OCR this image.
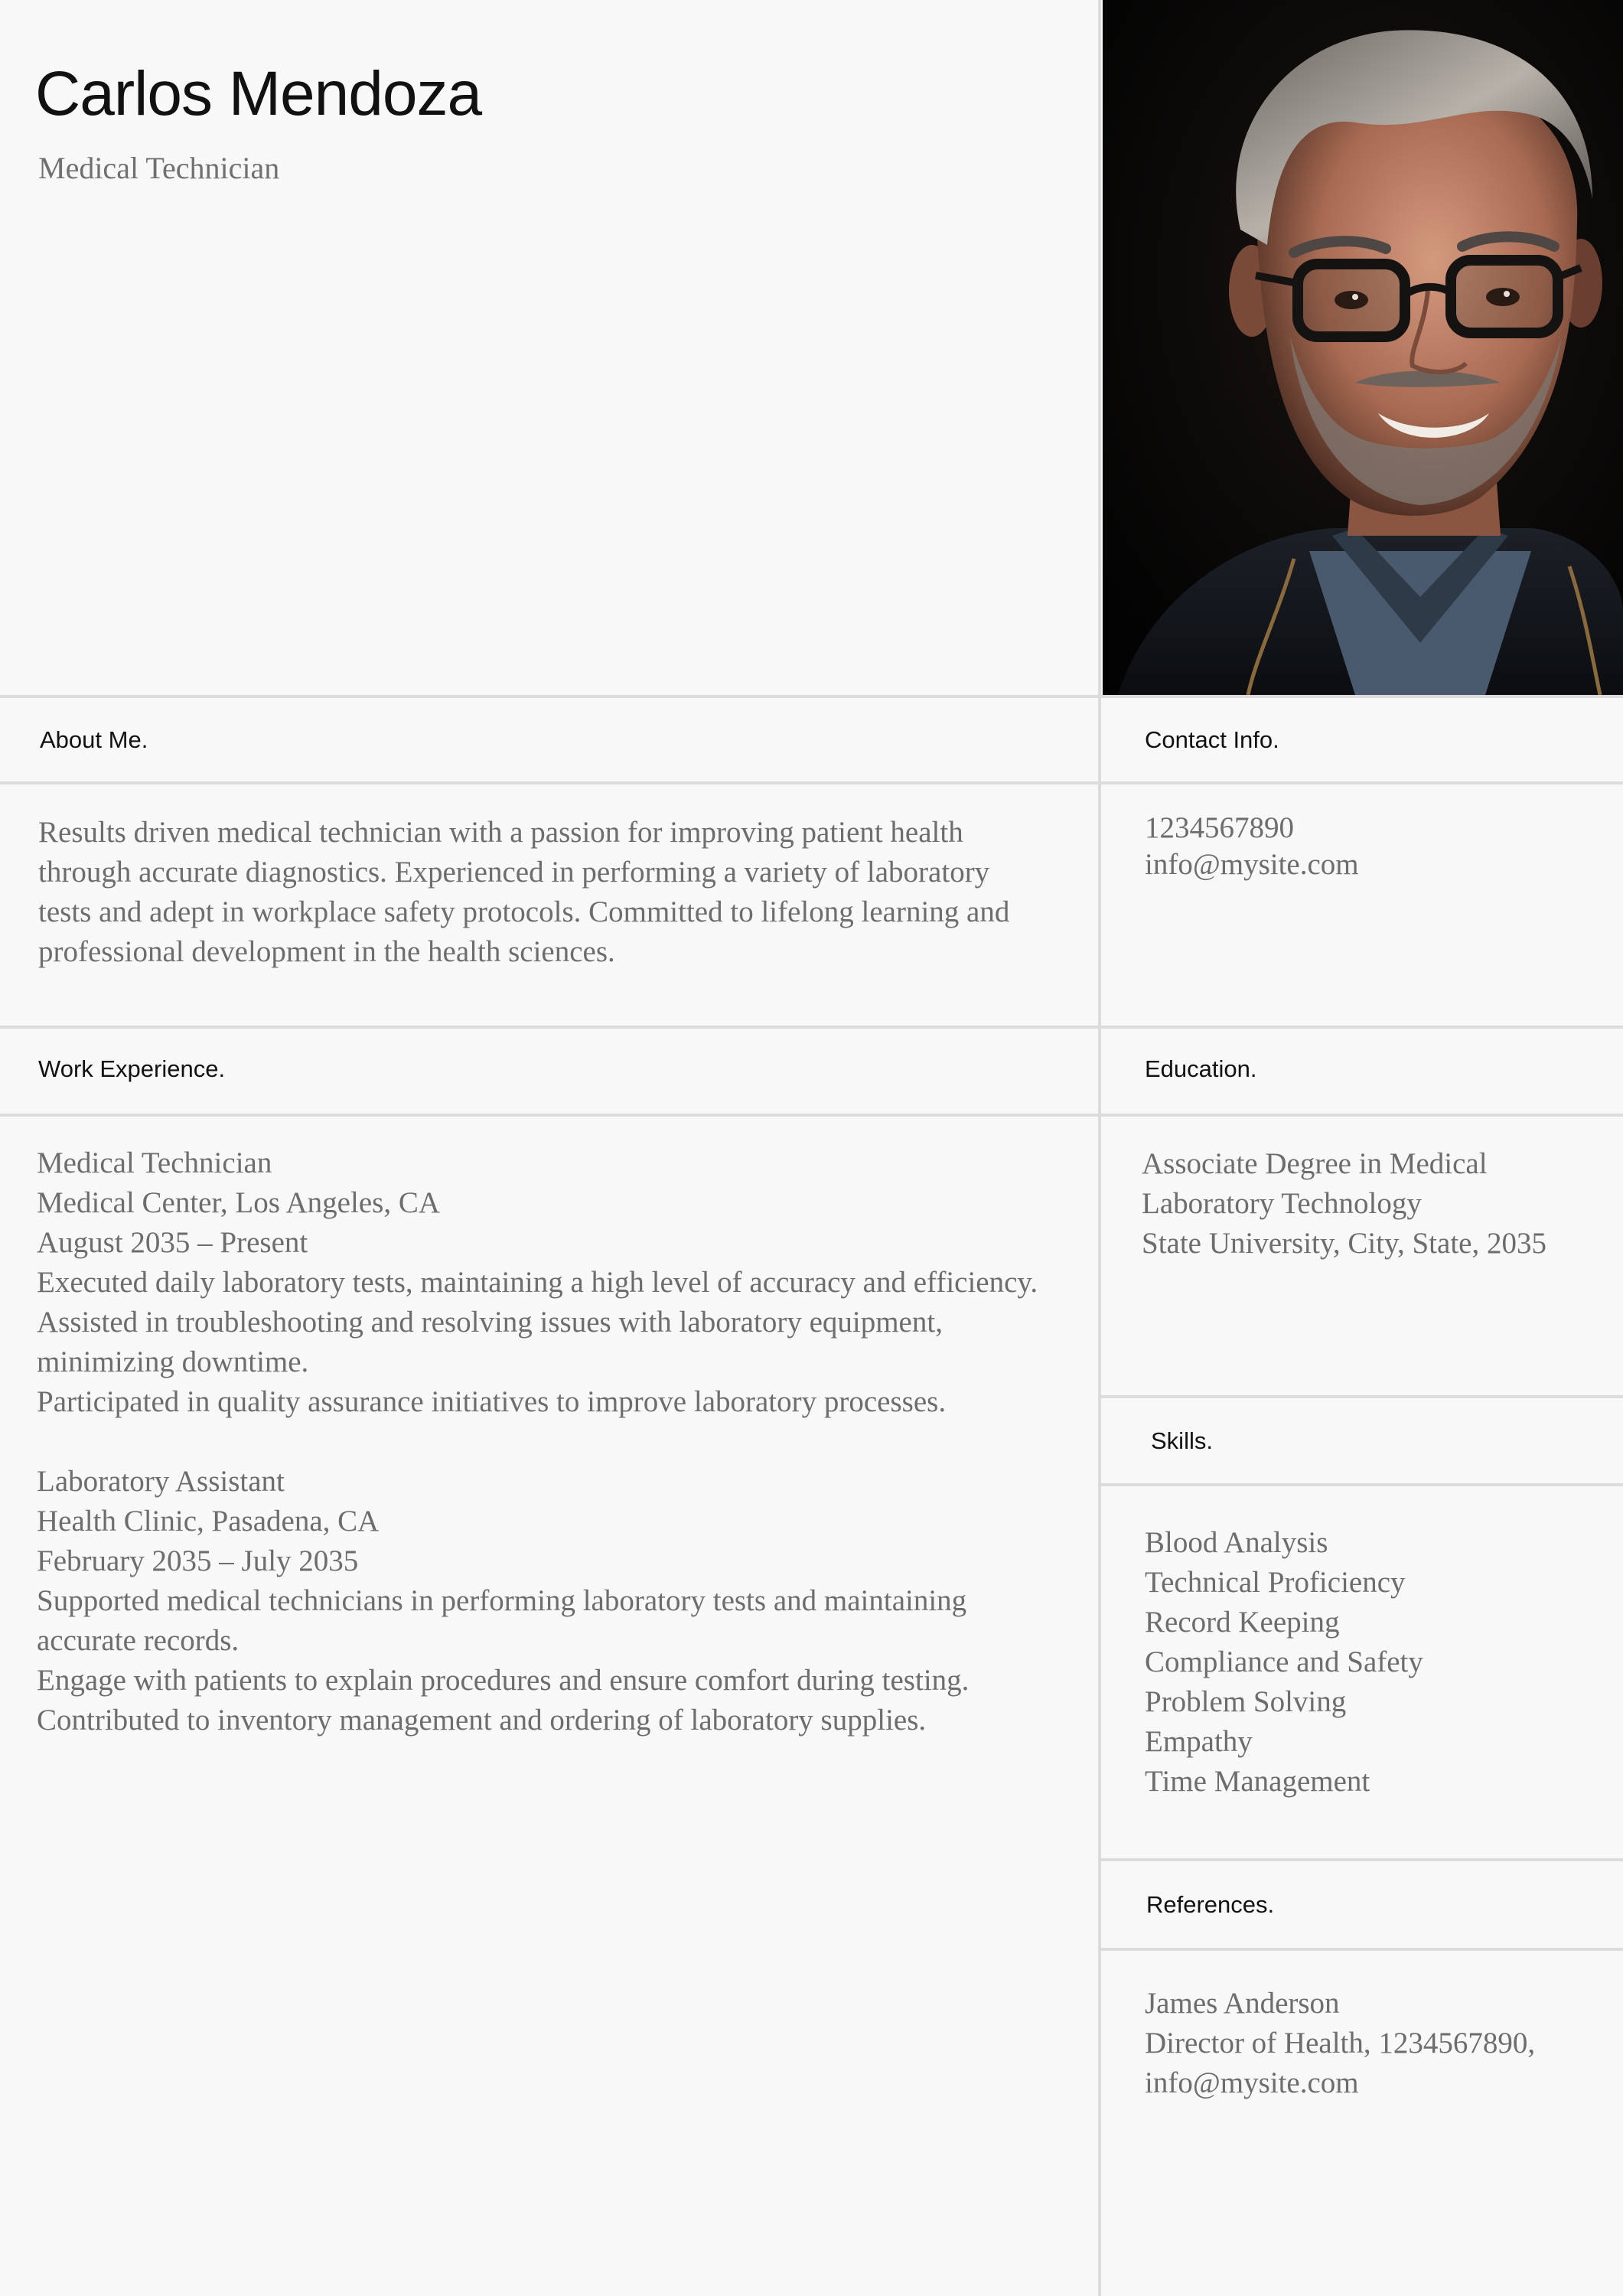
Carlos Mendoza
Medical Technician
About Me.
Results driven medical technician with a passion for improving patient health
through accurate diagnostics. Experienced in performing a variety of laboratory
tests and adept in workplace safety protocols. Committed to lifelong learning and
professional development in the health sciences.
Contact Info.
1234567890
info@mysite.com
Work Experience.
Medical Technician
Medical Center, Los Angeles, CA
August 2035 – Present
Executed daily laboratory tests, maintaining a high level of accuracy and efficiency.
Assisted in troubleshooting and resolving issues with laboratory equipment,
minimizing downtime.
Participated in quality assurance initiatives to improve laboratory processes.
Laboratory Assistant
Health Clinic, Pasadena, CA
February 2035 – July 2035
Supported medical technicians in performing laboratory tests and maintaining
accurate records.
Engage with patients to explain procedures and ensure comfort during testing.
Contributed to inventory management and ordering of laboratory supplies.
Education.
Associate Degree in Medical
Laboratory Technology
State University, City, State, 2035
Skills.
Blood Analysis
Technical Proficiency
Record Keeping
Compliance and Safety
Problem Solving
Empathy
Time Management
References.
James Anderson
Director of Health, 1234567890,
info@mysite.com
